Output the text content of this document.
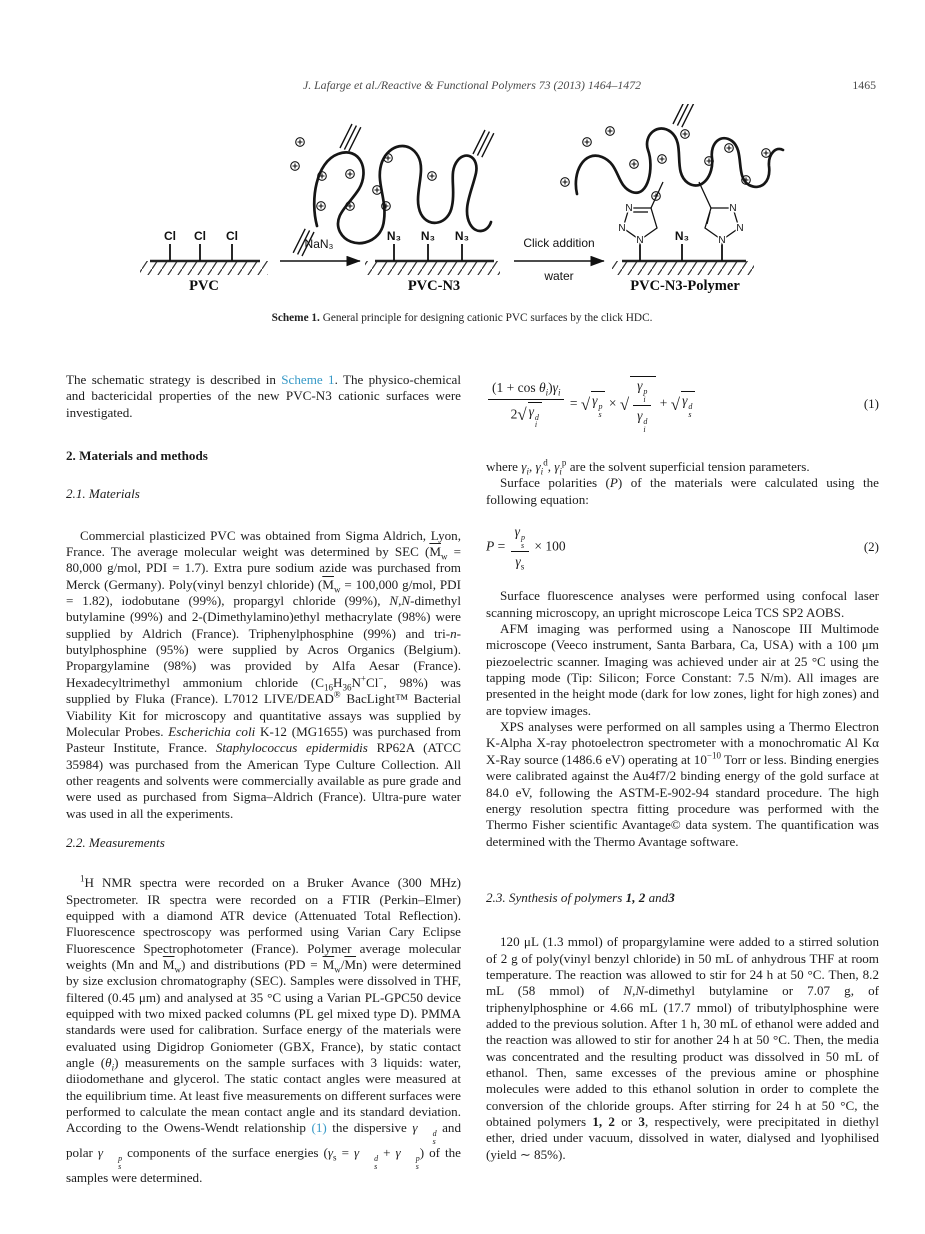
J. Lafarge et al./Reactive & Functional Polymers 73 (2013) 1464–1472	1465
Cl Cl Cl
PVC
NaN₃
N₃ N₃ N₃
PVC-N3
Click addition
water
N
N
N	N₃
N
N
N
PVC-N3-Polymer
Scheme 1. General principle for designing cationic PVC surfaces by the click HDC.

The schematic strategy is described in Scheme 1. The physico-chemical and bactericidal properties of the new PVC-N3 cationic surfaces were investigated.

2. Materials and methods
2.1. Materials

Commercial plasticized PVC was obtained from Sigma Aldrich, Lyon, France. The average molecular weight was determined by SEC ($\overline{M}_w = 80,000$ g/mol, PDI = 1.7). Extra pure sodium azide was purchased from Merck (Germany). Poly(vinyl benzyl chloride) ($\overline{M}_w = 100,000$ g/mol, PDI = 1.82), iodobutane (99%), propargyl chloride (99%), N,N-dimethyl butylamine (99%) and 2-(Dimethylamino)ethyl methacrylate (98%) were supplied by Aldrich (France). Triphenylphosphine (99%) and tri-n-butylphosphine (95%) were supplied by Acros Organics (Belgium). Propargylamine (98%) was provided by Alfa Aesar (France). Hexadecyltrimethyl ammonium chloride ($C_{16}H_{36}N^+Cl^-$, 98%) was supplied by Fluka (France). L7012 LIVE/DEAD® BacLight™ Bacterial Viability Kit for microscopy and quantitative assays was supplied by Molecular Probes. Escherichia coli K-12 (MG1655) was purchased from Pasteur Institute, France. Staphylococcus epidermidis RP62A (ATCC 35984) was purchased from the American Type Culture Collection. All other reagents and solvents were commercially available as pure grade and were used as purchased from Sigma–Aldrich (France). Ultra-pure water was used in all the experiments.

2.2. Measurements

$^1$H NMR spectra were recorded on a Bruker Avance (300 MHz) Spectrometer. IR spectra were recorded on a FTIR (Perkin–Elmer) equipped with a diamond ATR device (Attenuated Total Reflection). Fluorescence spectroscopy was performed using Varian Cary Eclipse Fluorescence Spectrophotometer (France). Polymer average molecular weights (Mn and $\overline{M}_w$) and distributions $(PD = \overline{M}_w/\overline{M}n)$ were determined by size exclusion chromatography (SEC). Samples were dissolved in THF, filtered (0.45 μm) and analysed at 35 °C using a Varian PL-GPC50 device equipped with two mixed packed columns (PL gel mixed type D). PMMA standards were used for calibration. Surface energy of the materials were evaluated using Digidrop Goniometer (GBX, France), by static contact angle $(\theta_i)$ measurements on the sample surfaces with 3 liquids: water, diiodomethane and glycerol. The static contact angles were measured at the equilibrium time. At least five measurements on different surfaces were performed to calculate the mean contact angle and its standard deviation. According to the Owens-Wendt relationship (1) the dispersive γ	d
s
and polar γ	p
s
components of the surface energies ($\gamma_s = \gamma$	d
s
+ γ	p
s
) of the samples were determined.

$(1 + \cos \theta_i)\gamma_i$
2√ γ d
i = √ γ p
s
× √ γ p
i
γ d
i + √ γ d
s
(1)

where $\gamma_i$, $\gamma_i^d$, $\gamma_i^p$ are the solvent superficial tension parameters.

Surface polarities (P) of the materials were calculated using the following equation:

P = γ p
s
$\gamma_s \times 100$	(2)

Surface fluorescence analyses were performed using confocal laser scanning microscopy, an upright microscope Leica TCS SP2 AOBS.

AFM imaging was performed using a Nanoscope III Multimode microscope (Veeco instrument, Santa Barbara, Ca, USA) with a 100 μm piezoelectric scanner. Imaging was achieved under air at 25 °C using the tapping mode (Tip: Silicon; Force Constant: 7.5 N/m). All images are presented in the height mode (dark for low zones, light for high zones) and are topview images.

XPS analyses were performed on all samples using a Thermo Electron K-Alpha X-ray photoelectron spectrometer with a monochromatic Al Kα X-Ray source (1486.6 eV) operating at $10^{-10}$ Torr or less. Binding energies were calibrated against the Au4f7/2 binding energy of the gold surface at 84.0 eV, following the ASTM-E-902-94 standard procedure. The high energy resolution spectra fitting procedure was performed with the Thermo Fisher scientific Avantage© data system. The quantification was determined with the Thermo Avantage software.

2.3. Synthesis of polymers 1, 2 and3

120 μL (1.3 mmol) of propargylamine were added to a stirred solution of 2 g of poly(vinyl benzyl chloride) in 50 mL of anhydrous THF at room temperature. The reaction was allowed to stir for 24 h at 50 °C. Then, 8.2 mL (58 mmol) of N,N-dimethyl butylamine or 7.07 g, of triphenylphosphine or 4.66 mL (17.7 mmol) of tributylphosphine were added to the previous solution. After 1 h, 30 mL of ethanol were added and the reaction was allowed to stir for another 24 h at 50 °C. Then, the media was concentrated and the resulting product was dissolved in 50 mL of ethanol. Then, same excesses of the previous amine or phosphine molecules were added to this ethanol solution in order to complete the conversion of the chloride groups. After stirring for 24 h at 50 °C, the obtained polymers 1, 2 or 3, respectively, were precipitated in diethyl ether, dried under vacuum, dissolved in water, dialysed and lyophilised (yield ∼ 85%).
